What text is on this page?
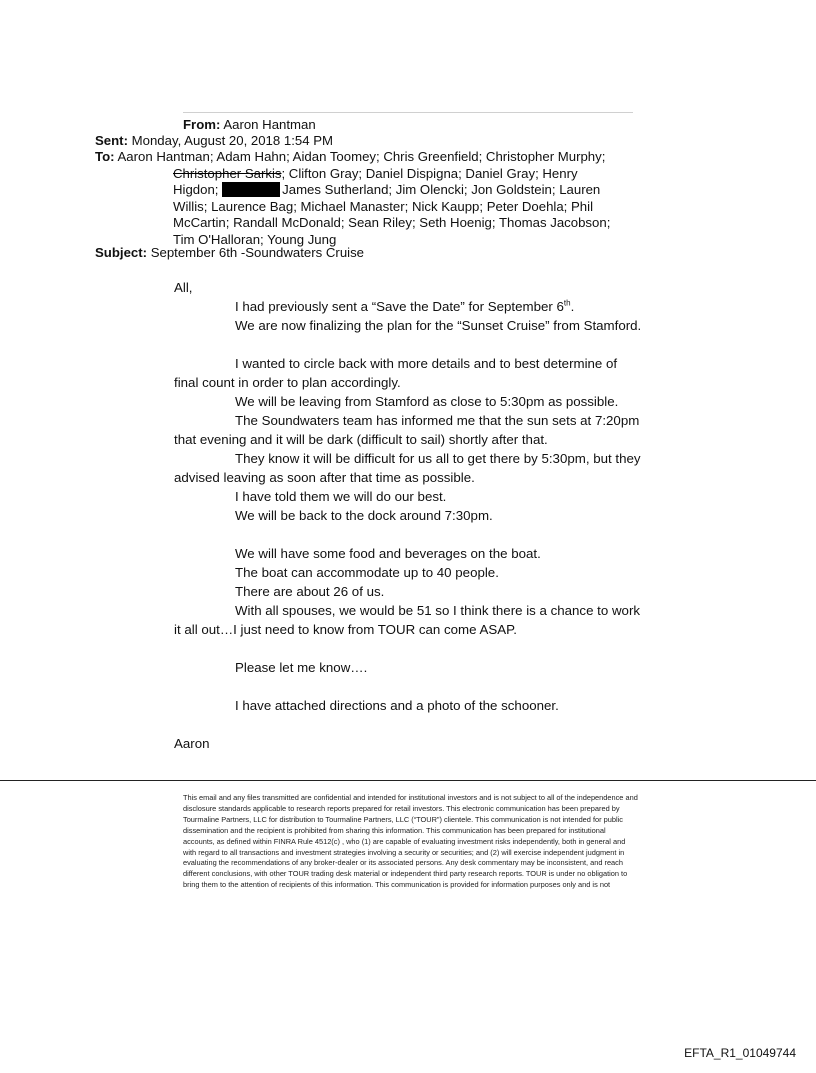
From: Aaron Hantman
Sent: Monday, August 20, 2018 1:54 PM
To: Aaron Hantman; Adam Hahn; Aidan Toomey; Chris Greenfield; Christopher Murphy;
Christopher Sarkis; Clifton Gray; Daniel Dispigna; Daniel Gray; Henry
Higdon;	James Sutherland; Jim Olencki; Jon Goldstein; Lauren
Willis; Laurence Bag; Michael Manaster; Nick Kaupp; Peter Doehla; Phil
McCartin; Randall McDonald; Sean Riley; Seth Hoenig; Thomas Jacobson;
Tim O'Halloran; Young Jung
Subject: September 6th -Soundwaters Cruise

All,

I had previously sent a “Save the Date” for September 6th.

We are now finalizing the plan for the “Sunset Cruise” from Stamford.

I wanted to circle back with more details and to best determine of final count in order to plan accordingly.

We will be leaving from Stamford as close to 5:30pm as possible.

The Soundwaters team has informed me that the sun sets at 7:20pm that evening and it will be dark (difficult to sail) shortly after that.

They know it will be difficult for us all to get there by 5:30pm, but they advised leaving as soon after that time as possible.

I have told them we will do our best.

We will be back to the dock around 7:30pm.

We will have some food and beverages on the boat.

The boat can accommodate up to 40 people.

There are about 26 of us.

With all spouses, we would be 51 so I think there is a chance to work it all out…I just need to know from TOUR can come ASAP.

Please let me know….

I have attached directions and a photo of the schooner.

Aaron

This email and any files transmitted are confidential and intended for institutional investors and is not subject to all of the independence and disclosure standards applicable to research reports prepared for retail investors. This electronic communication has been prepared by Tourmaline Partners, LLC for distribution to Tourmaline Partners, LLC (“TOUR”) clientele. This communication is not intended for public dissemination and the recipient is prohibited from sharing this information. This communication has been prepared for institutional accounts, as defined within FINRA Rule 4512(c) , who (1) are capable of evaluating investment risks independently, both in general and with regard to all transactions and investment strategies involving a security or securities; and (2) will exercise independent judgment in evaluating the recommendations of any broker-dealer or its associated persons. Any desk commentary may be inconsistent, and reach different conclusions, with other TOUR trading desk material or independent third party research reports. TOUR is under no obligation to bring them to the attention of recipients of this information. This communication is provided for information purposes only and is not
EFTA_R1_01049744
